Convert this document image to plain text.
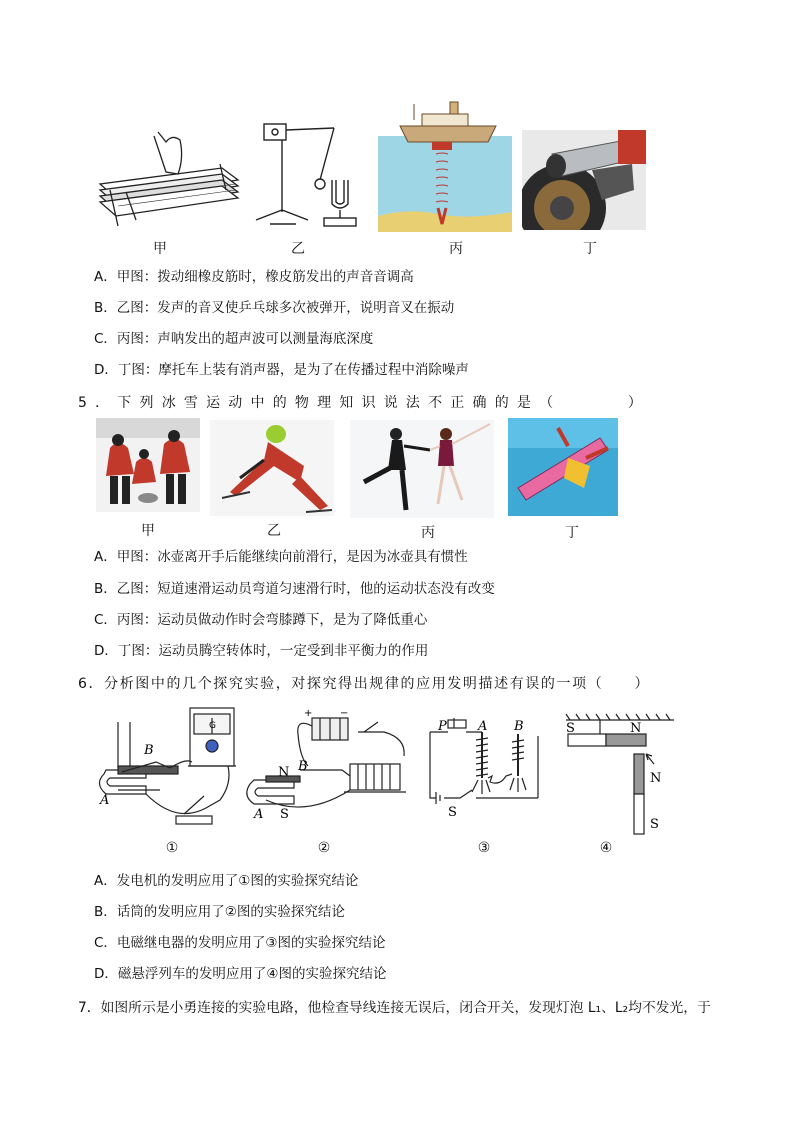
甲	乙	丙	丁
A．甲图：拨动细橡皮筋时，橡皮筋发出的声音音调高
B．乙图：发声的音叉使乒乓球多次被弹开，说明音叉在振动
C．丙图：声呐发出的超声波可以测量海底深度
D．丁图：摩托车上装有消声器，是为了在传播过程中消除噪声
5．下列冰雪运动中的物理知识说法不正确的是（　　　）
甲	乙	丙	丁
A．甲图：冰壶离开手后能继续向前滑行，是因为冰壶具有惯性
B．乙图：短道速滑运动员弯道匀速滑行时，他的运动状态没有改变
C．丙图：运动员做动作时会弯膝蹲下，是为了降低重心
D．丁图：运动员腾空转体时，一定受到非平衡力的作用
6．分析图中的几个探究实验，对探究得出规律的应用发明描述有误的一项（　　）
B
A
G
①
+	−
N B
A S
②
P A B
S
③
S	N
N
S
④
A．发电机的发明应用了①图的实验探究结论
B．话筒的发明应用了②图的实验探究结论
C．电磁继电器的发明应用了③图的实验探究结论
D．磁悬浮列车的发明应用了④图的实验探究结论
7．如图所示是小勇连接的实验电路，他检查导线连接无误后，闭合开关，发现灯泡 L₁、L₂均不发光，于
